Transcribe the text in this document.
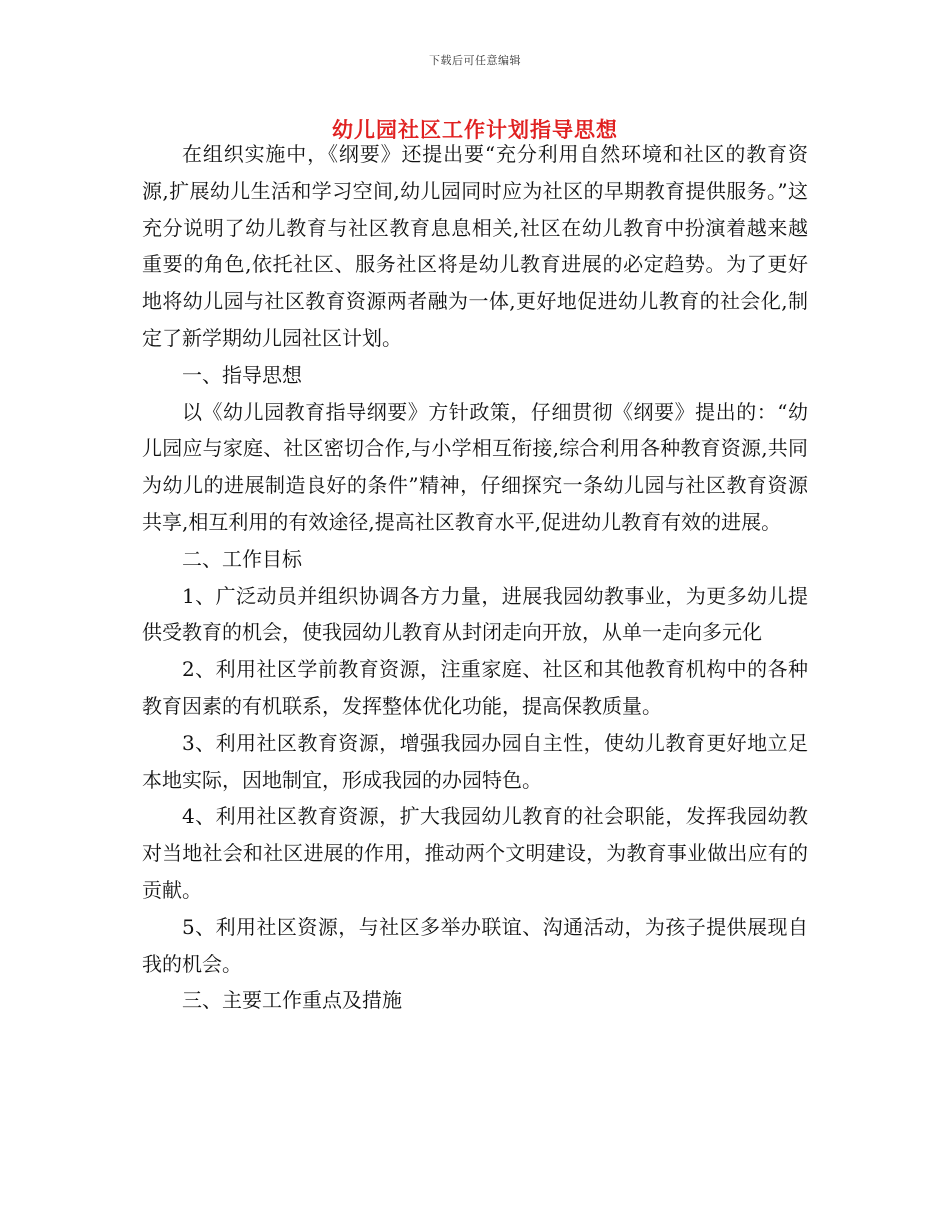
下载后可任意编辑
幼儿园社区工作计划指导思想

在组织实施中，《纲要》还提出要“充分利用自然环境和社区的教育资源,扩展幼儿生活和学习空间,幼儿园同时应为社区的早期教育提供服务。”这充分说明了幼儿教育与社区教育息息相关,社区在幼儿教育中扮演着越来越重要的角色,依托社区、服务社区将是幼儿教育进展的必定趋势。为了更好地将幼儿园与社区教育资源两者融为一体,更好地促进幼儿教育的社会化,制定了新学期幼儿园社区计划。

一、指导思想

以《幼儿园教育指导纲要》方针政策，仔细贯彻《纲要》提出的：“幼儿园应与家庭、社区密切合作,与小学相互衔接,综合利用各种教育资源,共同为幼儿的进展制造良好的条件”精神，仔细探究一条幼儿园与社区教育资源共享,相互利用的有效途径,提高社区教育水平,促进幼儿教育有效的进展。

二、工作目标

1、广泛动员并组织协调各方力量，进展我园幼教事业，为更多幼儿提供受教育的机会，使我园幼儿教育从封闭走向开放，从单一走向多元化

2、利用社区学前教育资源，注重家庭、社区和其他教育机构中的各种教育因素的有机联系，发挥整体优化功能，提高保教质量。

3、利用社区教育资源，增强我园办园自主性，使幼儿教育更好地立足本地实际，因地制宜，形成我园的办园特色。

4、利用社区教育资源，扩大我园幼儿教育的社会职能，发挥我园幼教对当地社会和社区进展的作用，推动两个文明建设，为教育事业做出应有的贡献。

5、利用社区资源，与社区多举办联谊、沟通活动，为孩子提供展现自我的机会。

三、主要工作重点及措施
